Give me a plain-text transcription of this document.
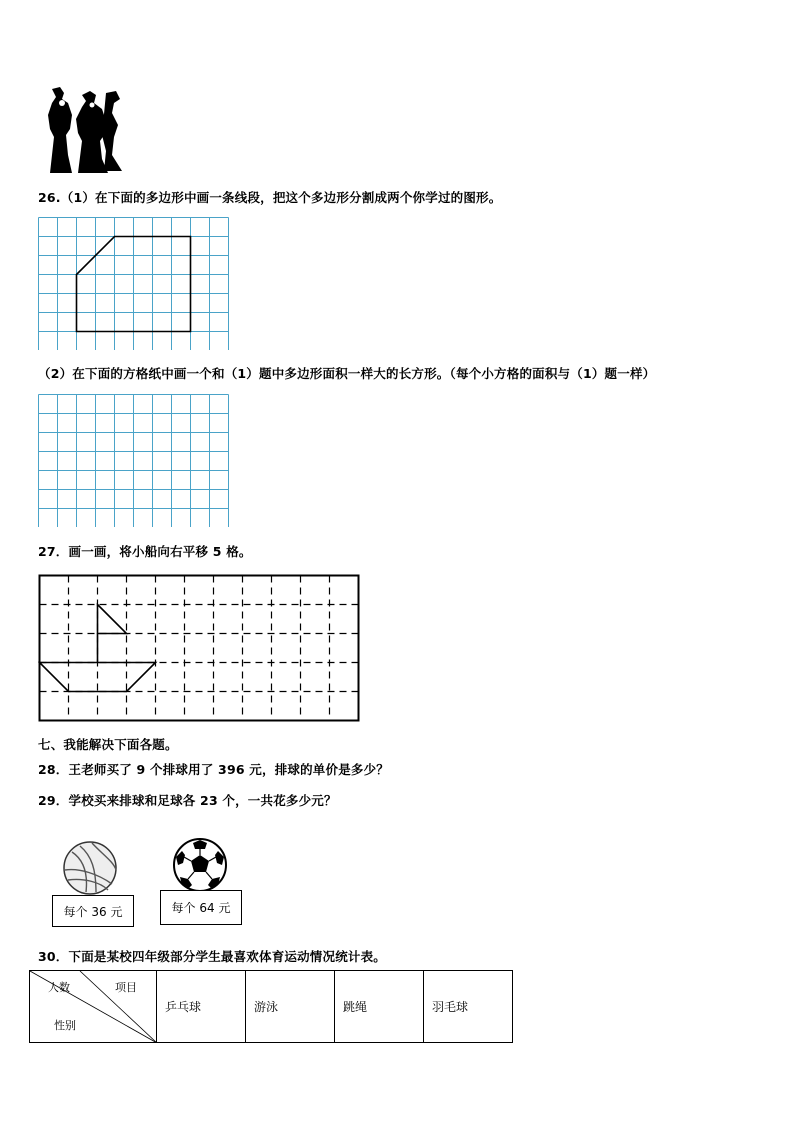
26.（1）在下面的多边形中画一条线段，把这个多边形分割成两个你学过的图形。
（2）在下面的方格纸中画一个和（1）题中多边形面积一样大的长方形。（每个小方格的面积与（1）题一样）
27．画一画，将小船向右平移 5 格。
七、我能解决下面各题。
28．王老师买了 9 个排球用了 396 元，排球的单价是多少？
29．学校买来排球和足球各 23 个，一共花多少元？
每个 36 元	每个 64 元
30．下面是某校四年级部分学生最喜欢体育运动情况统计表。
人数	项目
性别
	乒乓球	游泳	跳绳	羽毛球
